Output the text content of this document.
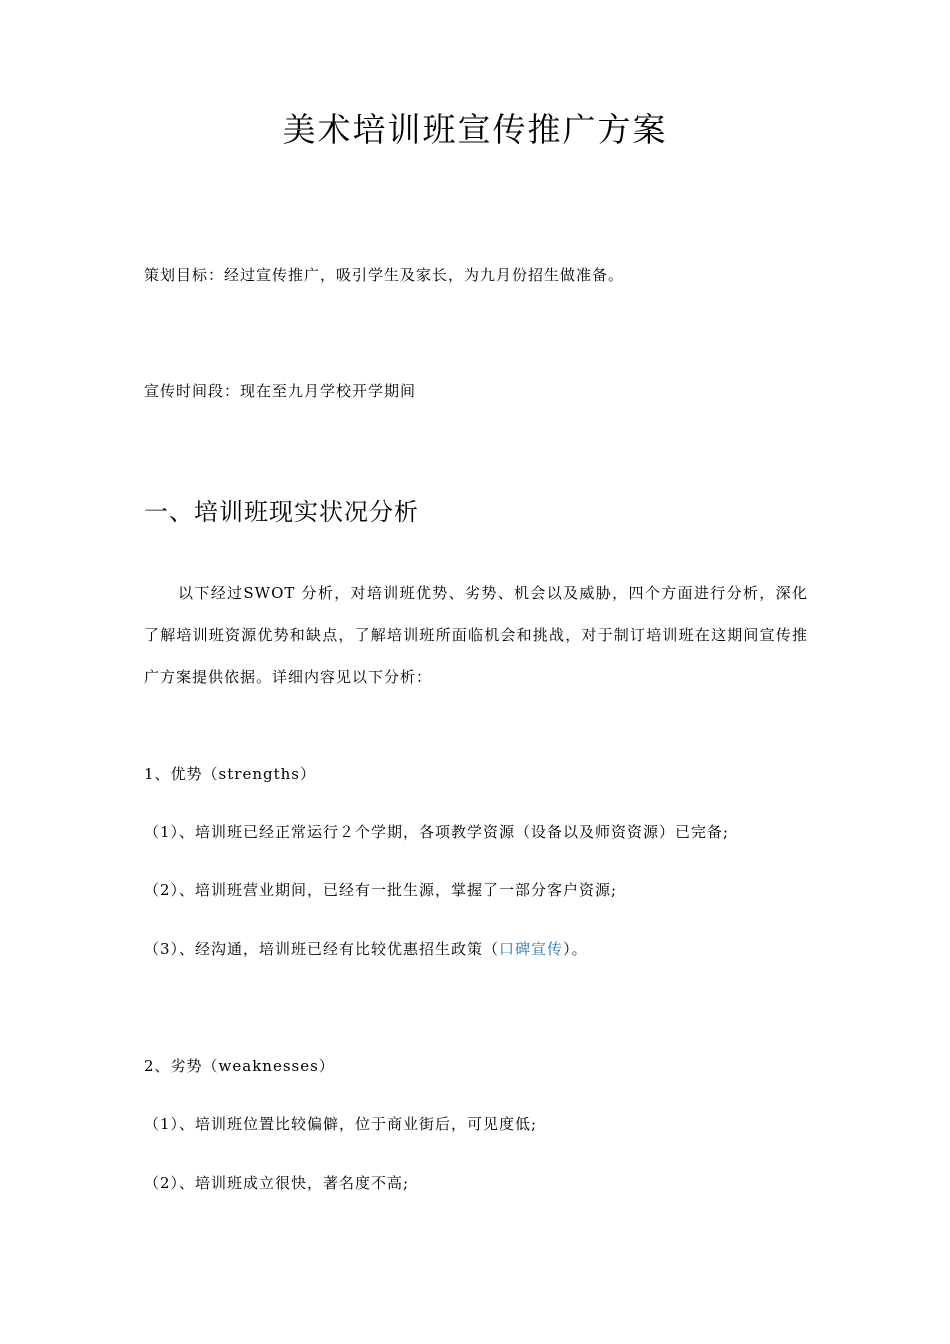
美术培训班宣传推广方案

策划目标：经过宣传推广，吸引学生及家长，为九月份招生做准备。

宣传时间段：现在至九月学校开学期间

一、培训班现实状况分析

以下经过SWOT 分析，对培训班优势、劣势、机会以及威胁，四个方面进行分析，深化了解培训班资源优势和缺点，了解培训班所面临机会和挑战，对于制订培训班在这期间宣传推广方案提供依据。详细内容见以下分析：

1、优势（strengths）

（1）、培训班已经正常运行２个学期，各项教学资源（设备以及师资资源）已完备;

（2）、培训班营业期间，已经有一批生源，掌握了一部分客户资源;

（3）、经沟通，培训班已经有比较优惠招生政策（口碑宣传）。

2、劣势（weaknesses）

（1）、培训班位置比较偏僻，位于商业街后，可见度低;

（2）、培训班成立很快，著名度不高;
